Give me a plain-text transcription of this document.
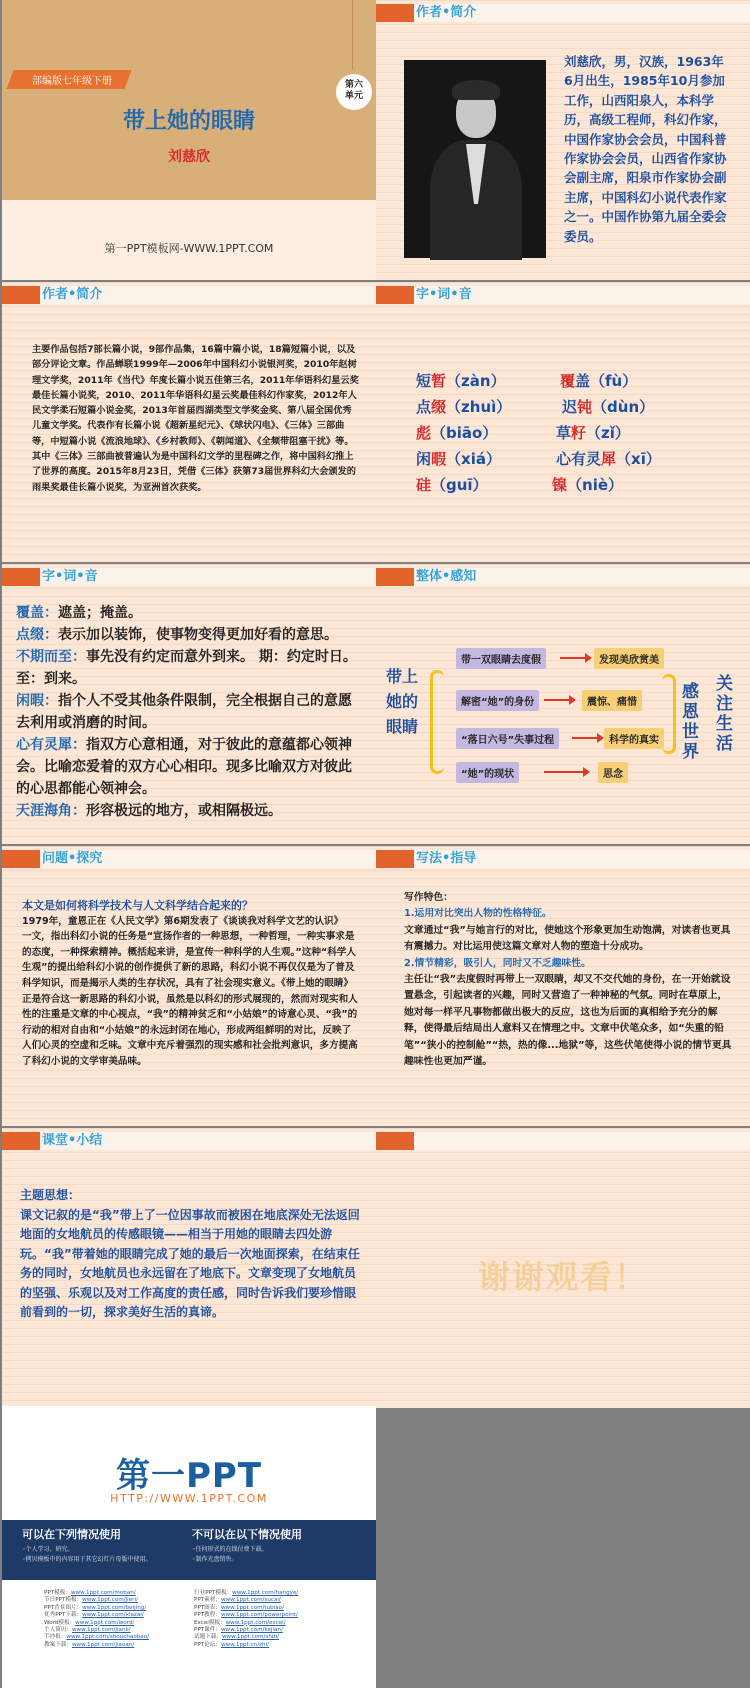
部编版七年级下册	第六
单元
带上她的眼睛
刘慈欣
第一PPT模板网-WWW.1PPT.COM
作者•简介
刘慈欣，男，汉族，1963年6月出生，1985年10月参加工作，山西阳泉人，本科学历，高级工程师，科幻作家，中国作家协会会员，中国科普作家协会会员，山西省作家协会副主席，阳泉市作家协会副主席，中国科幻小说代表作家之一。中国作协第九届全委会委员。
作者•简介
主要作品包括7部长篇小说，9部作品集，16篇中篇小说，18篇短篇小说，以及部分评论文章。作品蝉联1999年—2006年中国科幻小说银河奖，2010年赵树理文学奖，2011年《当代》年度长篇小说五佳第三名，2011年华语科幻星云奖最佳长篇小说奖，2010、2011年华语科幻星云奖最佳科幻作家奖，2012年人民文学柔石短篇小说金奖，2013年首届西湖类型文学奖金奖、第八届全国优秀儿童文学奖。代表作有长篇小说《超新星纪元》、《球状闪电》、《三体》三部曲等，中短篇小说《流浪地球》、《乡村教师》、《朝闻道》、《全频带阻塞干扰》等。其中《三体》三部曲被普遍认为是中国科幻文学的里程碑之作，将中国科幻推上了世界的高度。2015年8月23日，凭借《三体》获第73届世界科幻大会颁发的雨果奖最佳长篇小说奖，为亚洲首次获奖。
字•词•音
短暂（zàn）	覆盖（fù）
点缀（zhuì）	迟钝（dùn）
彪（biāo）	草籽（zǐ）
闲暇（xiá）	心有灵犀（xī）
硅（guī）	镍（niè）
字•词•音
覆盖：遮盖；掩盖。
点缀：表示加以装饰，使事物变得更加好看的意思。
不期而至：事先没有约定而意外到来。 期：约定时日。 至：到来。
闲暇：指个人不受其他条件限制，完全根据自己的意愿去利用或消磨的时间。
心有灵犀：指双方心意相通，对于彼此的意蕴都心领神会。比喻恋爱着的双方心心相印。现多比喻双方对彼此的心思都能心领神会。
天涯海角：形容极远的地方，或相隔极远。
整体•感知
带上她的眼睛
带一双眼睛去度假
解密“她”的身份
“落日六号”失事过程
“她”的现状
发现美欣赏美
震惊、痛惜
科学的真实
思念
感恩世界
关注生活
问题•探究
本文是如何将科学技术与人文科学结合起来的？
1979年，童恩正在《人民文学》第6期发表了《谈谈我对科学文艺的认识》
一文，指出科幻小说的任务是“宣扬作者的一种思想，一种哲理，一种实事求是的态度，一种探索精神。概括起来讲，是宣传一种科学的人生观。”这种“科学人生观”的提出给科幻小说的创作提供了新的思路，科幻小说不再仅仅是为了普及科学知识，而是揭示人类的生存状况，具有了社会现实意义。《带上她的眼睛》正是符合这一新思路的科幻小说，虽然是以科幻的形式展现的，然而对现实和人性的注重是文章的中心视点，“我”的精神贫乏和“小姑娘”的诗意心灵、“我”的行动的相对自由和“小姑娘”的永远封闭在地心，形成两组鲜明的对比，反映了人们心灵的空虚和乏味。文章中充斥着强烈的现实感和社会批判意识，多方提高了科幻小说的文学审美品味。
写法•指导
写作特色：
1.运用对比突出人物的性格特征。
文章通过“我”与她言行的对比，使她这个形象更加生动饱满，对读者也更具有震撼力。对比运用使这篇文章对人物的塑造十分成功。
2.情节精彩，吸引人，同时又不乏趣味性。
主任让“我”去度假时再带上一双眼睛，却又不交代她的身份，在一开始就设置悬念，引起读者的兴趣，同时又营造了一种神秘的气氛。同时在草原上，她对每一样平凡事物都做出极大的反应，这也为后面的真相给予充分的解释，使得最后结局出人意料又在情理之中。文章中伏笔众多，如“失重的铅笔”“狭小的控制舱”“热，热的像...地狱”等，这些伏笔使得小说的情节更具趣味性也更加严谨。
课堂•小结
主题思想：
课文记叙的是“我”带上了一位因事故而被困在地底深处无法返回地面的女地航员的传感眼镜——相当于用她的眼睛去四处游玩。“我”带着她的眼睛完成了她的最后一次地面探索，在结束任务的同时，女地航员也永远留在了地底下。文章变现了女地航员的坚强、乐观以及对工作高度的责任感，同时告诉我们要珍惜眼前看到的一切，探求美好生活的真谛。
谢谢观看！
第一PPT
HTTP://WWW.1PPT.COM
可以在下列情况使用
◦个人学习、研究。
◦拷贝模板中的内容用于其它幻灯片母版中使用。
不可以在以下情况使用
◦任何形式的在线付费下载。
◦制作光盘销售。
PPT模板：www.1ppt.com/moban/
节日PPT模板：www.1ppt.com/jieri/
PPT背景图片：www.1ppt.com/beijing/
优秀PPT下载：www.1ppt.com/xiazai/
Word模板：www.1ppt.com/word/
个人简历：www.1ppt.com/jianli/
手抄报：www.1ppt.com/shouchaobao/
教案下载：www.1ppt.com/jiaoan/
行业PPT模板：www.1ppt.com/hangye/
PPT素材：www.1ppt.com/sucai/
PPT图表：www.1ppt.com/tubiao/
PPT教程：www.1ppt.com/powerpoint/
Excel模板：www.1ppt.com/excel/
PPT课件：www.1ppt.com/kejian/
试题下载：www.1ppt.com/shiti/
PPT论坛：www.1ppt.cn/zhi/
